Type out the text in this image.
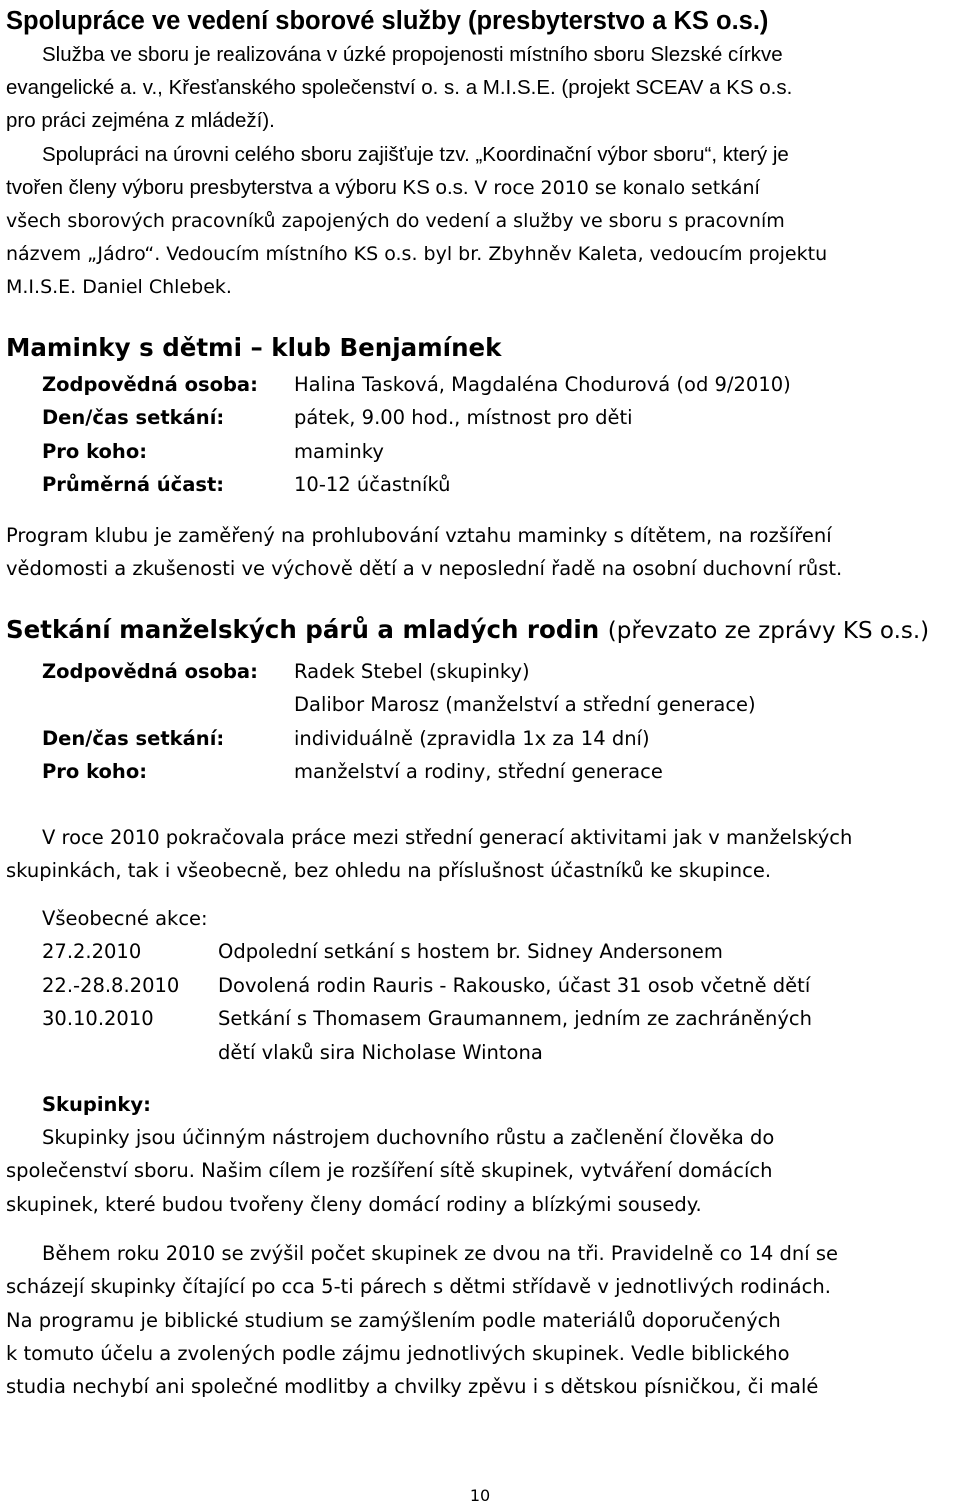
Spolupráce ve vedení sborové služby (presbyterstvo a KS o.s.)
Služba ve sboru je realizována v úzké propojenosti místního sboru Slezské církve
evangelické a. v., Křesťanského společenství o. s. a M.I.S.E. (projekt SCEAV a KS o.s.
pro práci zejména z mládeží).
Spolupráci na úrovni celého sboru zajišťuje tzv. „Koordinační výbor sboru“, který je
tvořen členy výboru presbyterstva a výboru KS o.s. V roce 2010 se konalo setkání
všech sborových pracovníků zapojených do vedení a služby ve sboru s pracovním
názvem „Jádro“. Vedoucím místního KS o.s. byl br. Zbyhněv Kaleta, vedoucím projektu
M.I.S.E. Daniel Chlebek.
Maminky s dětmi – klub Benjamínek
Zodpovědná osoba:	Halina Tasková, Magdaléna Chodurová (od 9/2010)
Den/čas setkání:	pátek, 9.00 hod., místnost pro děti
Pro koho:	maminky
Průměrná účast:	10-12 účastníků
Program klubu je zaměřený na prohlubování vztahu maminky s dítětem, na rozšíření
vědomosti a zkušenosti ve výchově dětí a v neposlední řadě na osobní duchovní růst.
Setkání manželských párů a mladých rodin (převzato ze zprávy KS o.s.)
Zodpovědná osoba:	Radek Stebel (skupinky)
Dalibor Marosz (manželství a střední generace)
Den/čas setkání:	individuálně (zpravidla 1x za 14 dní)
Pro koho:	manželství a rodiny, střední generace
V roce 2010 pokračovala práce mezi střední generací aktivitami jak v manželských
skupinkách, tak i všeobecně, bez ohledu na příslušnost účastníků ke skupince.
Všeobecné akce:
27.2.2010	Odpolední setkání s hostem br. Sidney Andersonem
22.-28.8.2010	Dovolená rodin Rauris - Rakousko, účast 31 osob včetně dětí
30.10.2010	Setkání s Thomasem Graumannem, jedním ze zachráněných
dětí vlaků sira Nicholase Wintona
Skupinky:
Skupinky jsou účinným nástrojem duchovního růstu a začlenění člověka do
společenství sboru. Našim cílem je rozšíření sítě skupinek, vytváření domácích
skupinek, které budou tvořeny členy domácí rodiny a blízkými sousedy.
Během roku 2010 se zvýšil počet skupinek ze dvou na tři. Pravidelně co 14 dní se
scházejí skupinky čítající po cca 5-ti párech s dětmi střídavě v jednotlivých rodinách.
Na programu je biblické studium se zamýšlením podle materiálů doporučených
k tomuto účelu a zvolených podle zájmu jednotlivých skupinek. Vedle biblického
studia nechybí ani společné modlitby a chvilky zpěvu i s dětskou písničkou, či malé
10
